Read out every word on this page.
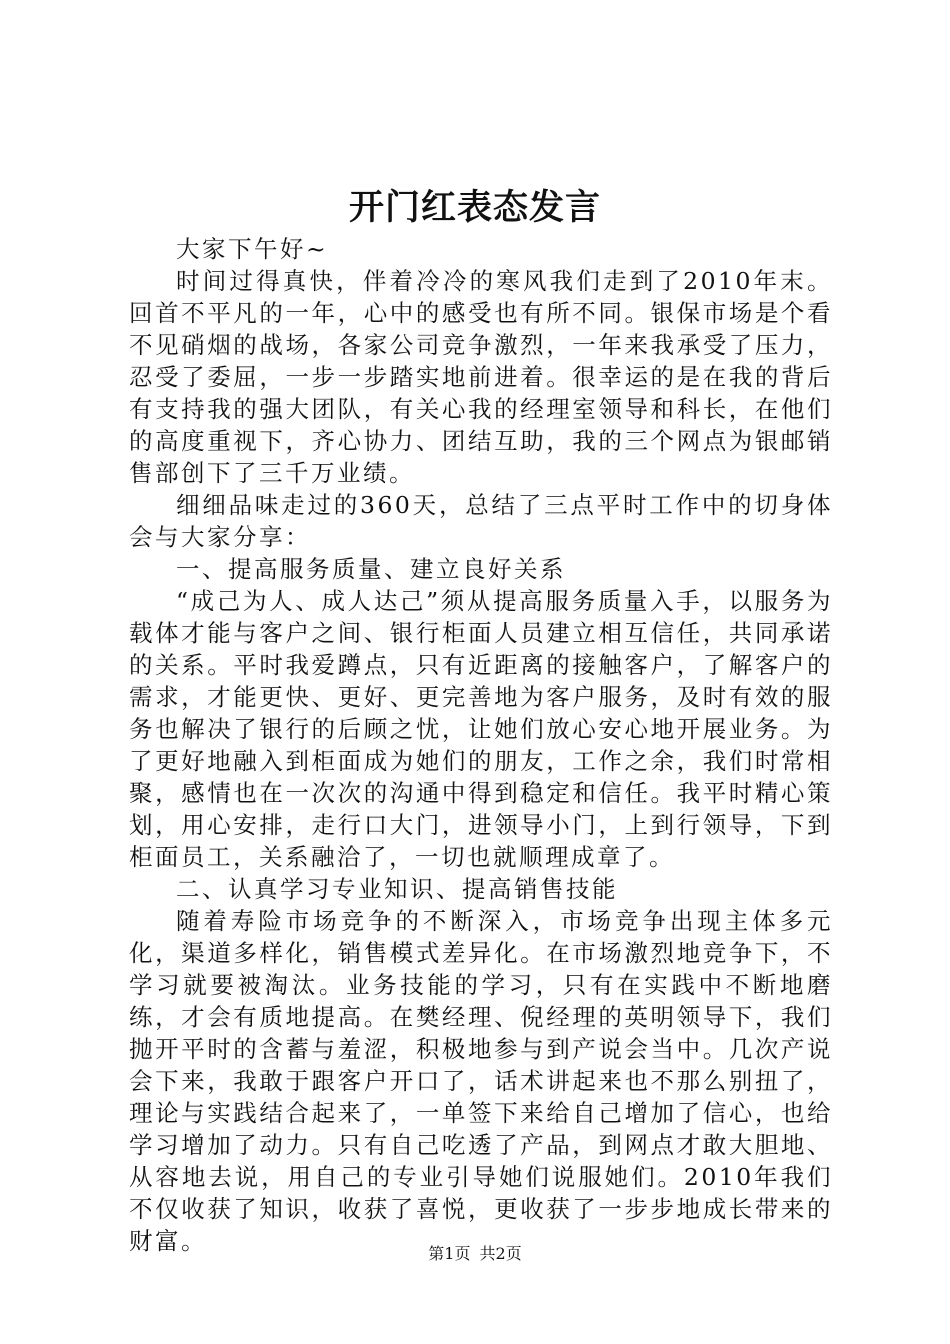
开门红表态发言

大家下午好~

时间过得真快，伴着冷冷的寒风我们走到了2010年末。回首不平凡的一年，心中的感受也有所不同。银保市场是个看不见硝烟的战场，各家公司竞争激烈，一年来我承受了压力，忍受了委屈，一步一步踏实地前进着。很幸运的是在我的背后有支持我的强大团队，有关心我的经理室领导和科长，在他们的高度重视下，齐心协力、团结互助，我的三个网点为银邮销售部创下了三千万业绩。

细细品味走过的360天，总结了三点平时工作中的切身体会与大家分享：

一、提高服务质量、建立良好关系

“成己为人、成人达己”须从提高服务质量入手，以服务为载体才能与客户之间、银行柜面人员建立相互信任，共同承诺的关系。平时我爱蹲点，只有近距离的接触客户，了解客户的需求，才能更快、更好、更完善地为客户服务，及时有效的服务也解决了银行的后顾之忧，让她们放心安心地开展业务。为了更好地融入到柜面成为她们的朋友，工作之余，我们时常相聚，感情也在一次次的沟通中得到稳定和信任。我平时精心策划，用心安排，走行口大门，进领导小门，上到行领导，下到柜面员工，关系融洽了，一切也就顺理成章了。

二、认真学习专业知识、提高销售技能

随着寿险市场竞争的不断深入，市场竞争出现主体多元化，渠道多样化，销售模式差异化。在市场激烈地竞争下，不学习就要被淘汰。业务技能的学习，只有在实践中不断地磨练，才会有质地提高。在樊经理、倪经理的英明领导下，我们抛开平时的含蓄与羞涩，积极地参与到产说会当中。几次产说会下来，我敢于跟客户开口了，话术讲起来也不那么别扭了，理论与实践结合起来了，一单签下来给自己增加了信心，也给学习增加了动力。只有自己吃透了产品，到网点才敢大胆地、从容地去说，用自己的专业引导她们说服她们。2010年我们不仅收获了知识，收获了喜悦，更收获了一步步地成长带来的财富。	第1页 共2页
